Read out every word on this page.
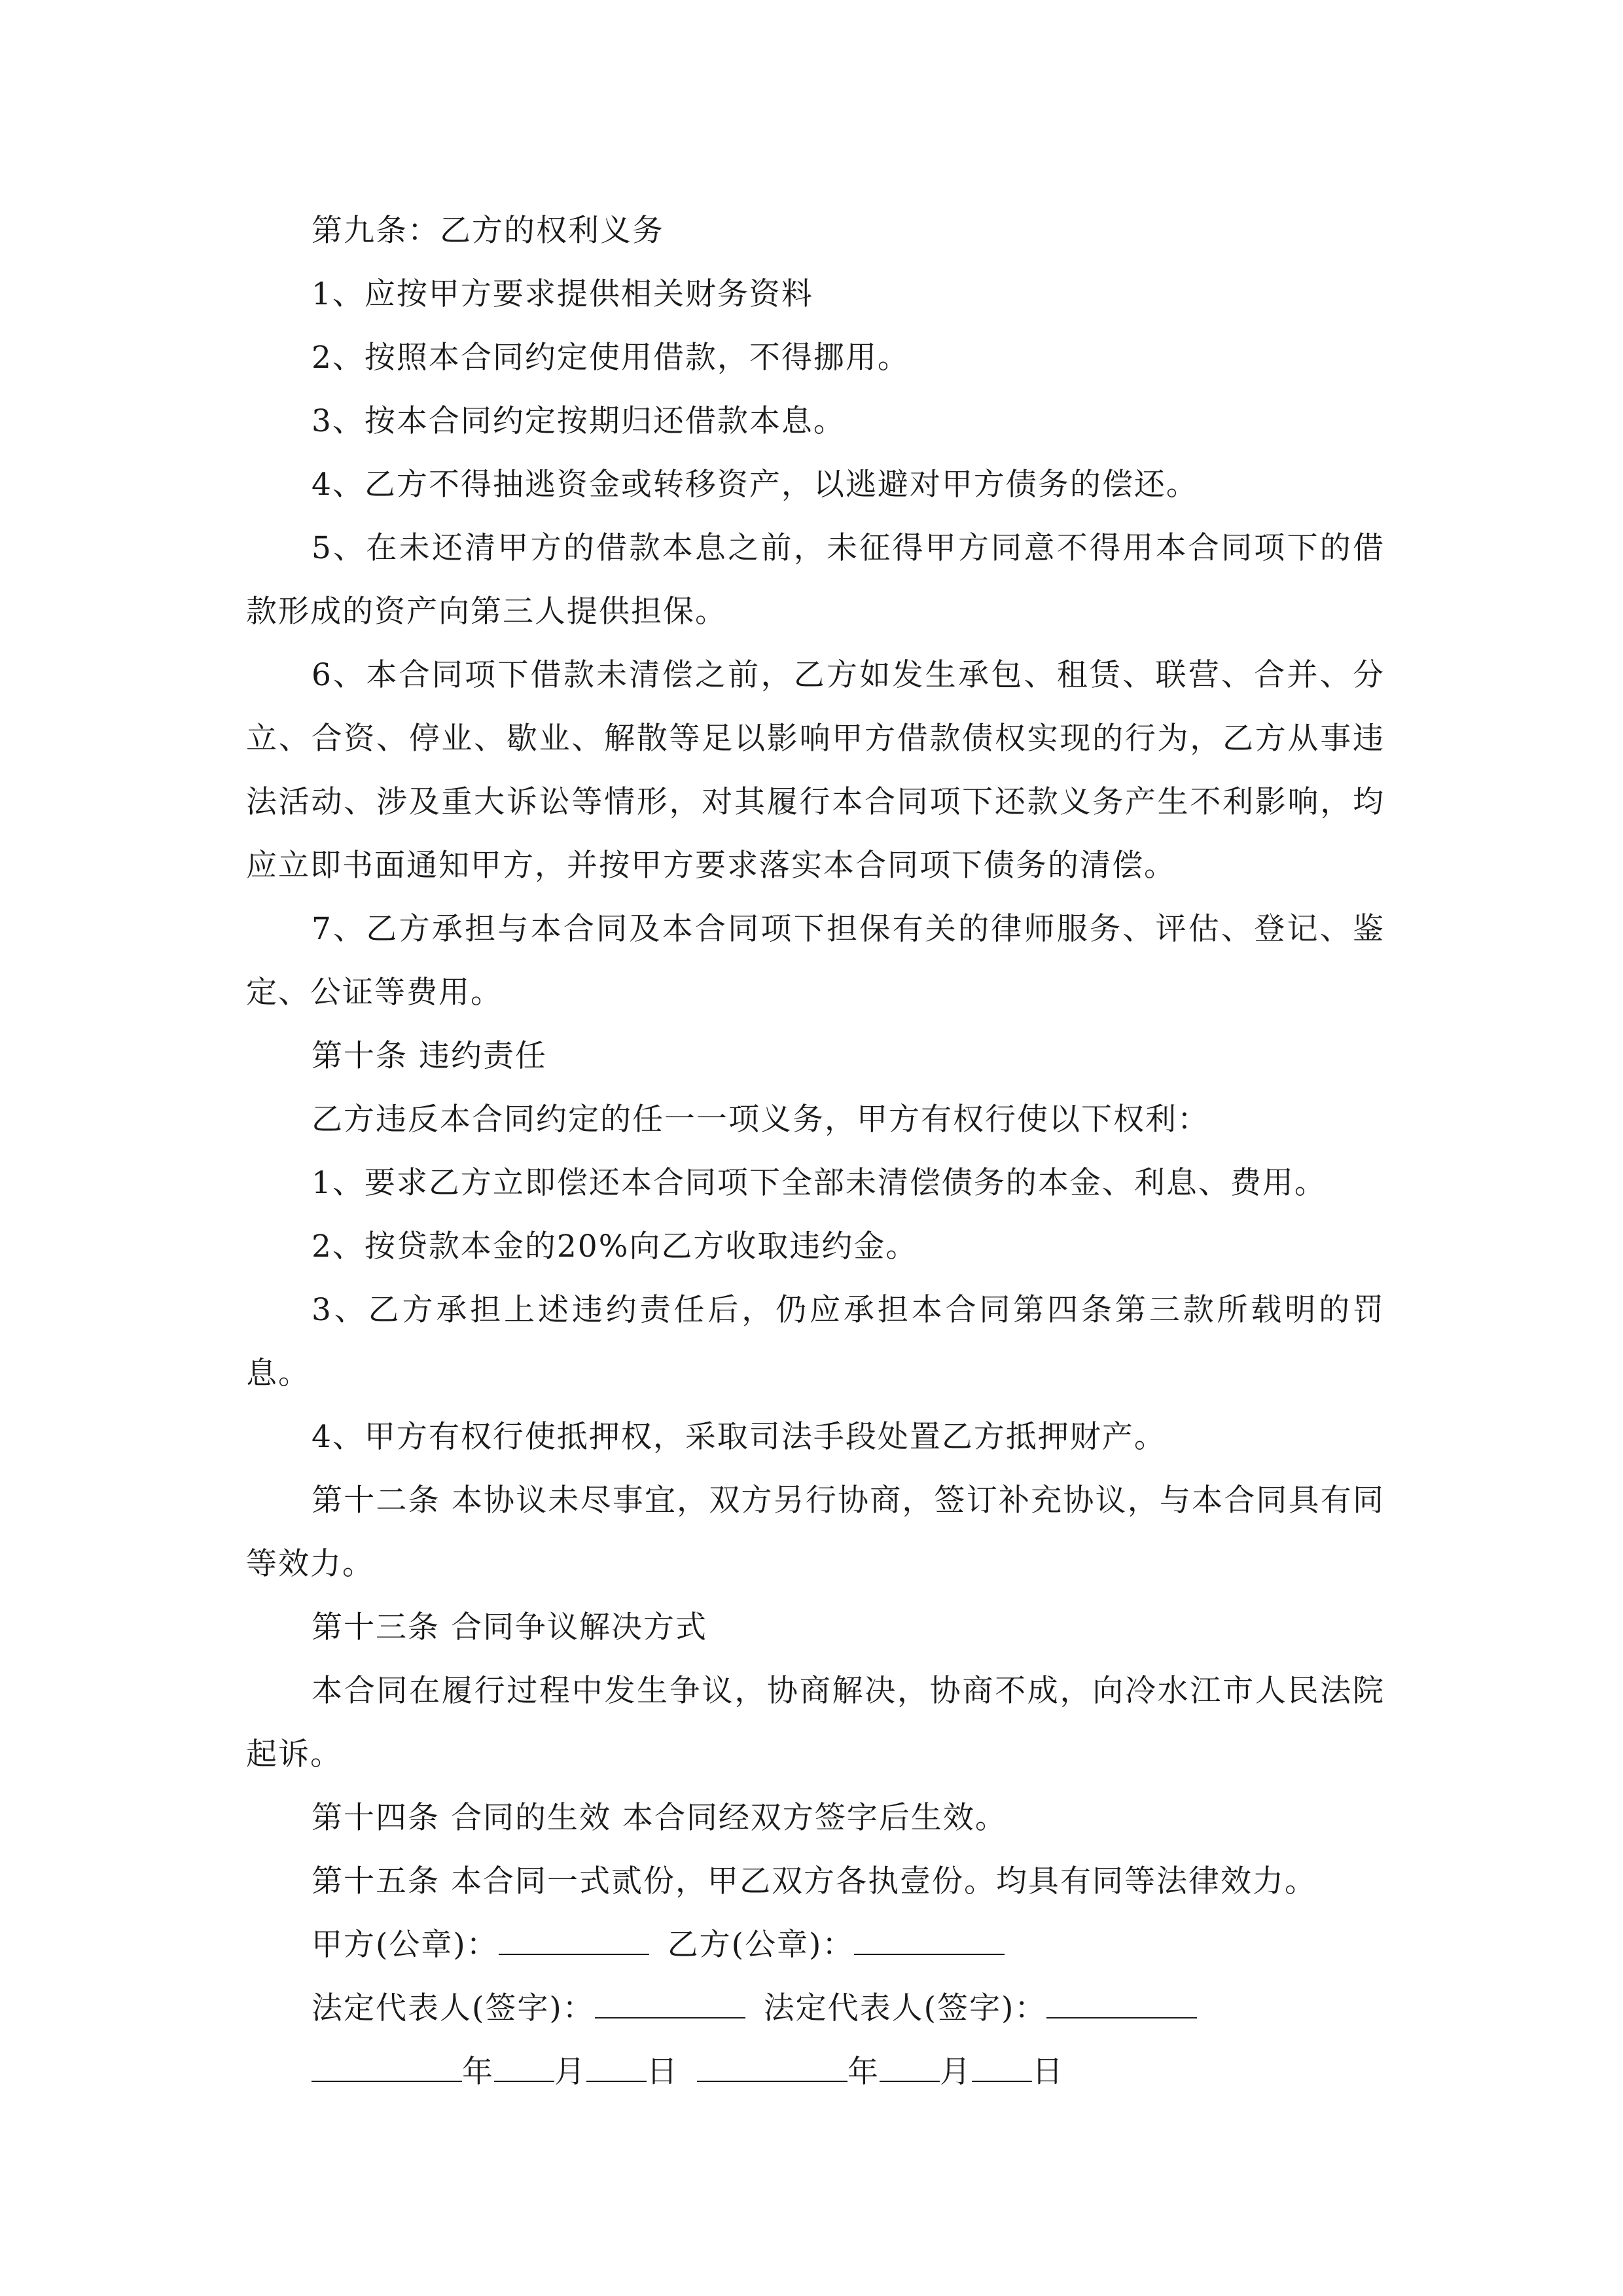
第九条：乙方的权利义务

1、应按甲方要求提供相关财务资料

2、按照本合同约定使用借款，不得挪用。

3、按本合同约定按期归还借款本息。

4、乙方不得抽逃资金或转移资产，以逃避对甲方债务的偿还。

5、在未还清甲方的借款本息之前，未征得甲方同意不得用本合同项下的借款形成的资产向第三人提供担保。

6、本合同项下借款未清偿之前，乙方如发生承包、租赁、联营、合并、分立、合资、停业、歇业、解散等足以影响甲方借款债权实现的行为，乙方从事违法活动、涉及重大诉讼等情形，对其履行本合同项下还款义务产生不利影响，均应立即书面通知甲方，并按甲方要求落实本合同项下债务的清偿。

7、乙方承担与本合同及本合同项下担保有关的律师服务、评估、登记、鉴定、公证等费用。

第十条 违约责任

乙方违反本合同约定的任一一项义务，甲方有权行使以下权利：

1、要求乙方立即偿还本合同项下全部未清偿债务的本金、利息、费用。

2、按贷款本金的20%向乙方收取违约金。

3、乙方承担上述违约责任后，仍应承担本合同第四条第三款所载明的罚息。

4、甲方有权行使抵押权，采取司法手段处置乙方抵押财产。

第十二条 本协议未尽事宜，双方另行协商，签订补充协议，与本合同具有同等效力。

第十三条 合同争议解决方式

本合同在履行过程中发生争议，协商解决，协商不成，向冷水江市人民法院起诉。

第十四条 合同的生效 本合同经双方签字后生效。

第十五条 本合同一式贰份，甲乙双方各执壹份。均具有同等法律效力。

甲方(公章)：	乙方(公章)：

法定代表人(签字)：	法定代表人(签字)：

年 月 日	年 月 日
